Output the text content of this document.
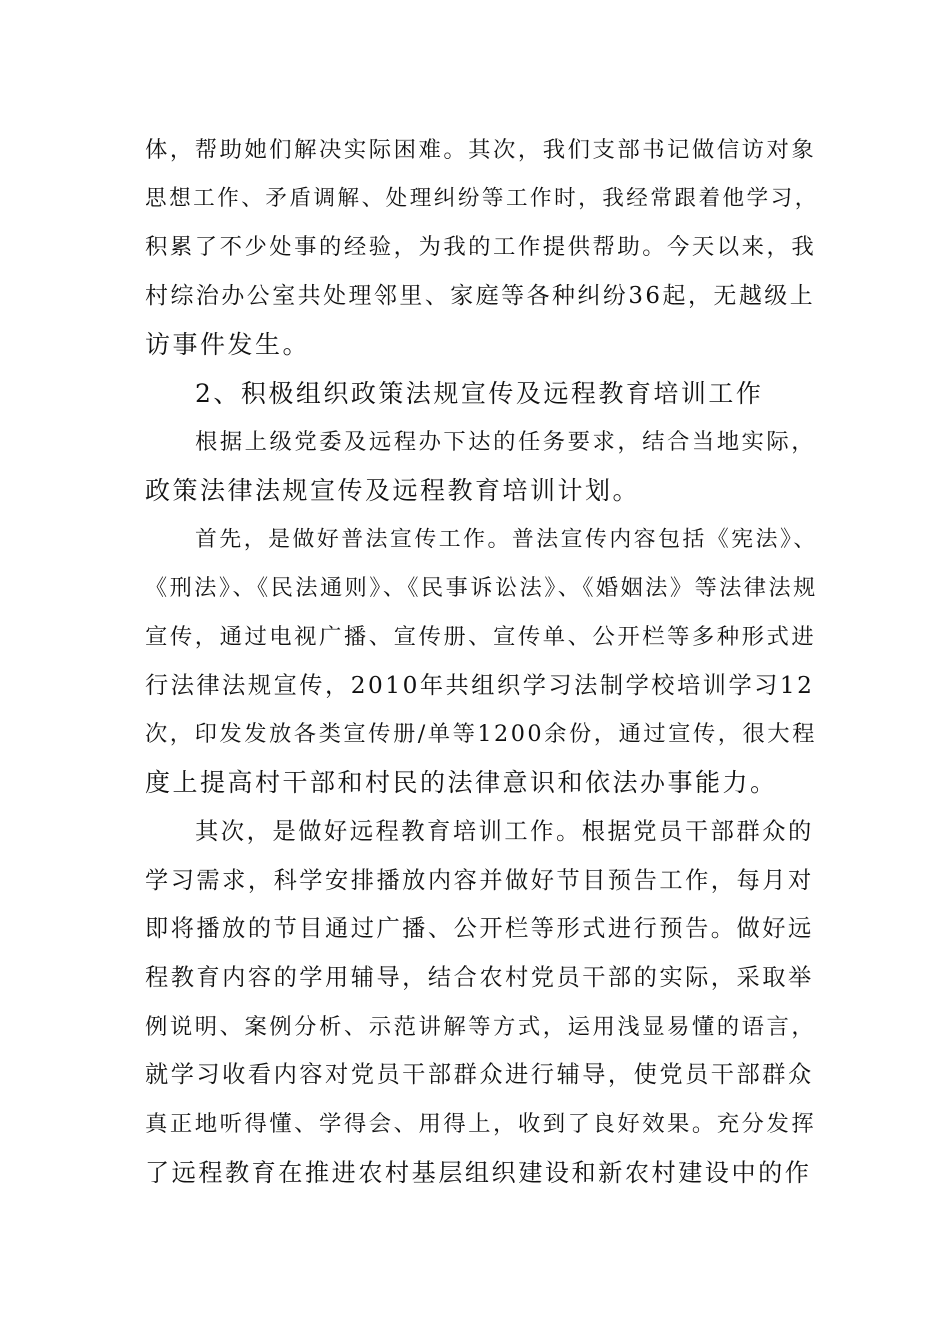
体，帮助她们解决实际困难。其次，我们支部书记做信访对象
思想工作、矛盾调解、处理纠纷等工作时，我经常跟着他学习，
积累了不少处事的经验，为我的工作提供帮助。今天以来，我
村综治办公室共处理邻里、家庭等各种纠纷36起，无越级上
访事件发生。
2、积极组织政策法规宣传及远程教育培训工作
根据上级党委及远程办下达的任务要求，结合当地实际，
政策法律法规宣传及远程教育培训计划。
首先，是做好普法宣传工作。普法宣传内容包括《宪法》、
《刑法》、《民法通则》、《民事诉讼法》、《婚姻法》等法律法规
宣传，通过电视广播、宣传册、宣传单、公开栏等多种形式进
行法律法规宣传，2010年共组织学习法制学校培训学习12
次，印发发放各类宣传册/单等1200余份，通过宣传，很大程
度上提高村干部和村民的法律意识和依法办事能力。
其次，是做好远程教育培训工作。根据党员干部群众的
学习需求，科学安排播放内容并做好节目预告工作，每月对
即将播放的节目通过广播、公开栏等形式进行预告。做好远
程教育内容的学用辅导，结合农村党员干部的实际，采取举
例说明、案例分析、示范讲解等方式，运用浅显易懂的语言，
就学习收看内容对党员干部群众进行辅导，使党员干部群众
真正地听得懂、学得会、用得上，收到了良好效果。充分发挥
了远程教育在推进农村基层组织建设和新农村建设中的作
